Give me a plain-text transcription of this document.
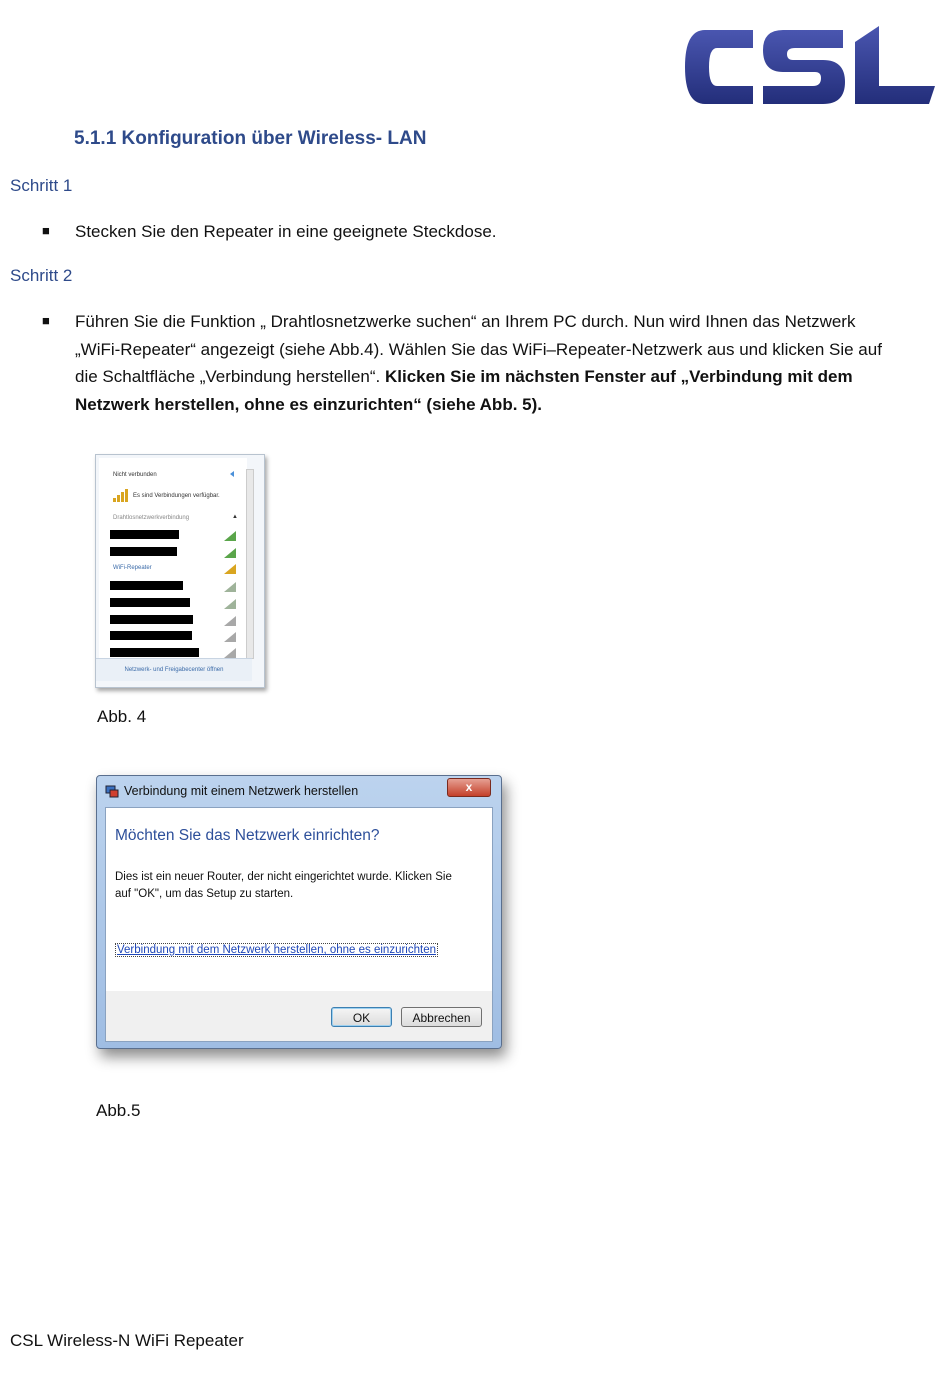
5.1.1 Konfiguration über Wireless- LAN
Schritt 1
■ Stecken Sie den Repeater in eine geeignete Steckdose.
Schritt 2
■ Führen Sie die Funktion „ Drahtlosnetzwerke suchen“ an Ihrem PC durch. Nun wird Ihnen das Netzwerk
„WiFi-Repeater“ angezeigt (siehe Abb.4). Wählen Sie das WiFi–Repeater-Netzwerk aus und klicken Sie auf
die Schaltfläche „Verbindung herstellen“. Klicken Sie im nächsten Fenster auf „Verbindung mit dem
Netzwerk herstellen, ohne es einzurichten“ (siehe Abb. 5).
Nicht verbunden
Es sind Verbindungen verfügbar.
Drahtlosnetzwerkverbindung	▲
WiFi-Repeater
Netzwerk- und Freigabecenter öffnen
Abb. 4
Verbindung mit einem Netzwerk herstellen	x
Möchten Sie das Netzwerk einrichten?
Dies ist ein neuer Router, der nicht eingerichtet wurde. Klicken Sie
auf "OK", um das Setup zu starten.
Verbindung mit dem Netzwerk herstellen, ohne es einzurichten
OK	Abbrechen
Abb.5
CSL Wireless-N WiFi Repeater
